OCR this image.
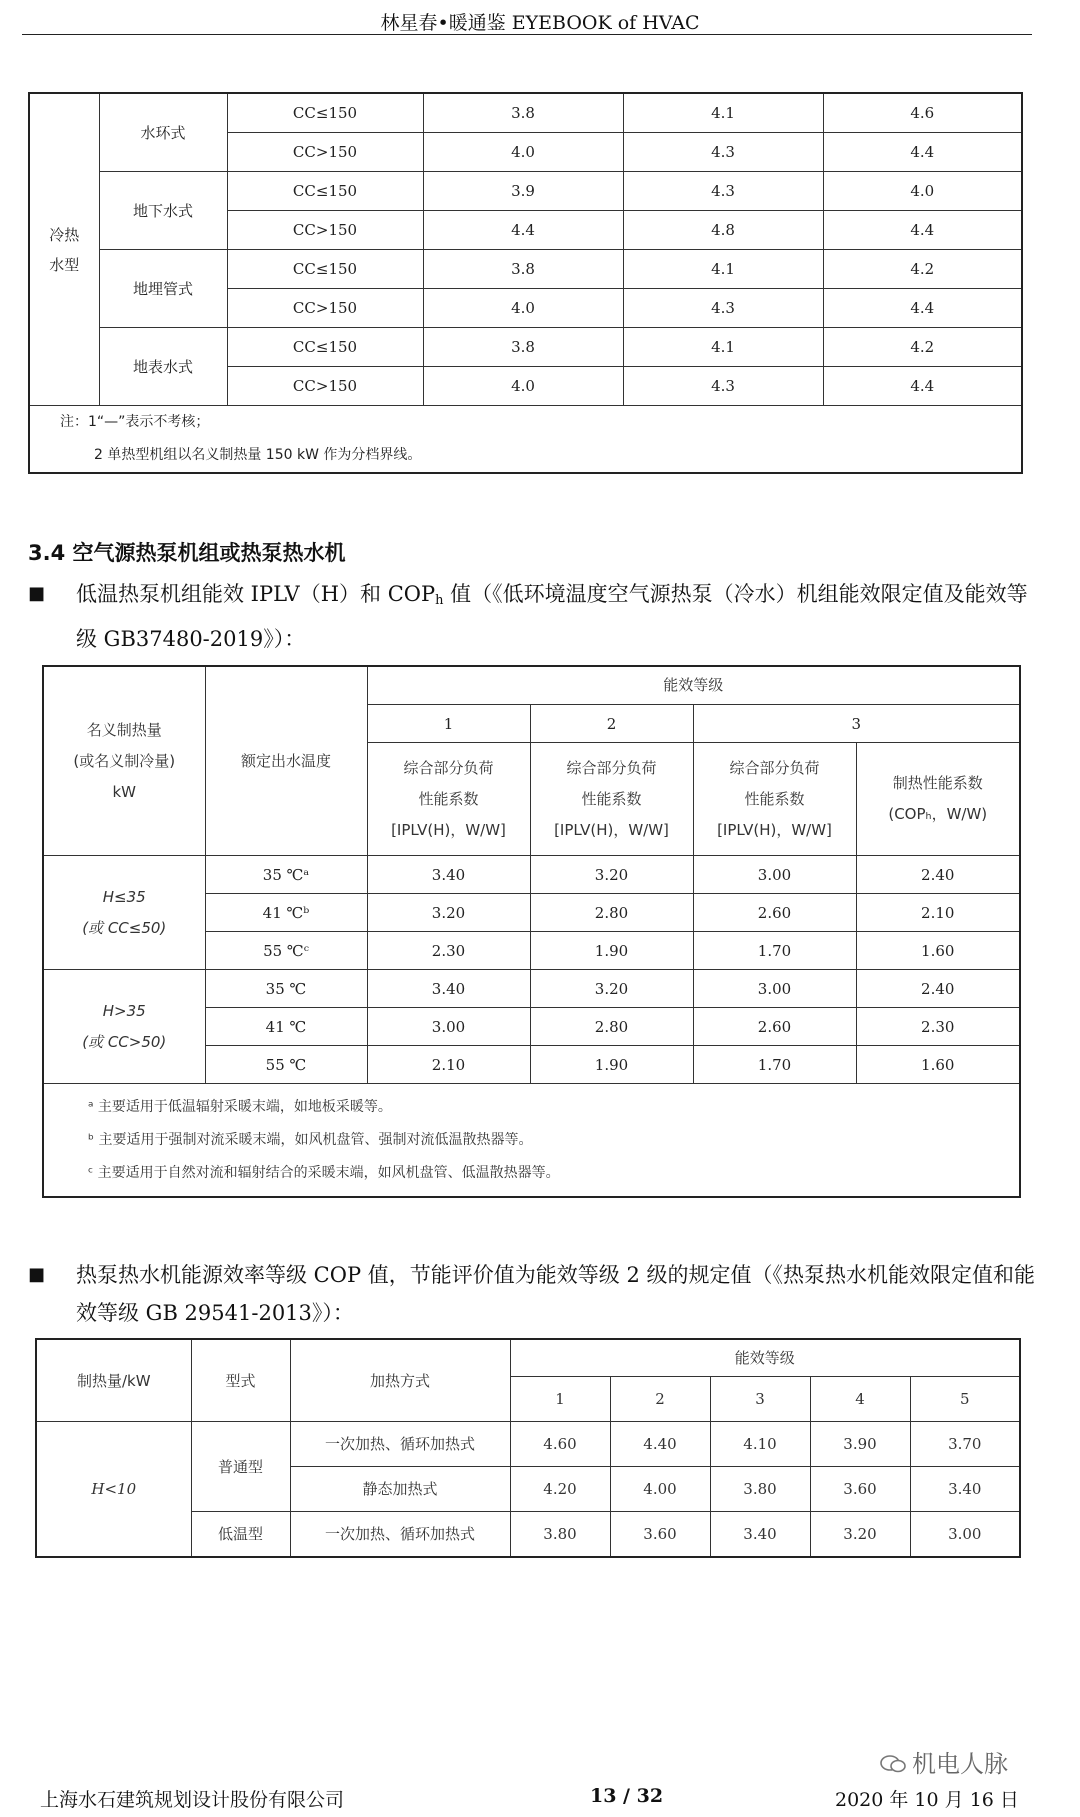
林星春•暖通鉴 EYEBOOK of HVAC
冷热
水型	水环式	CC≤150	3.8	4.1	4.6
		CC>150	4.0	4.3	4.4
	地下水式	CC≤150	3.9	4.3	4.0
		CC>150	4.4	4.8	4.4
	地埋管式	CC≤150	3.8	4.1	4.2
		CC>150	4.0	4.3	4.4
	地表水式	CC≤150	3.8	4.1	4.2
		CC>150	4.0	4.3	4.4

注：1“—”表示不考核；
2 单热型机组以名义制热量 150 kW 作为分档界线。					
3.4 空气源热泵机组或热泵热水机
■ 低温热泵机组能效 IPLV（H）和 $COP_h$ 值（《低环境温度空气源热泵（冷水）机组能效限定值及能效等级 GB37480-2019》）：
名义制热量
(或名义制冷量)
kW	额定出水温度	能效等级			
		1	2	3	
		综合部分负荷
性能系数
[IPLV(H)，W/W]	综合部分负荷
性能系数
[IPLV(H)，W/W]	综合部分负荷
性能系数
[IPLV(H)，W/W]	制热性能系数
(COPₕ，W/W)
H≤35
(或 CC≤50)	35 ℃ᵃ	3.40	3.20	3.00	2.40
	41 ℃ᵇ	3.20	2.80	2.60	2.10
	55 ℃ᶜ	2.30	1.90	1.70	1.60
H>35
(或 CC>50)	35 ℃	3.40	3.20	3.00	2.40
	41 ℃	3.00	2.80	2.60	2.30
	55 ℃	2.10	1.90	1.70	1.60

ᵃ 主要适用于低温辐射采暖末端，如地板采暖等。
ᵇ 主要适用于强制对流采暖末端，如风机盘管、强制对流低温散热器等。
ᶜ 主要适用于自然对流和辐射结合的采暖末端，如风机盘管、低温散热器等。					
■ 热泵热水机能源效率等级 COP 值，节能评价值为能效等级 2 级的规定值（《热泵热水机能效限定值和能效等级 GB 29541-2013》）：
制热量/kW	型式	加热方式	能效等级				
			1	2	3	4	5
H<10	普通型	一次加热、循环加热式	4.60	4.40	4.10	3.90	3.70
		静态加热式	4.20	4.00	3.80	3.60	3.40
	低温型	一次加热、循环加热式	3.80	3.60	3.40	3.20	3.00
机电人脉
上海水石建筑规划设计股份有限公司	13 / 32	2020 年 10 月 16 日
